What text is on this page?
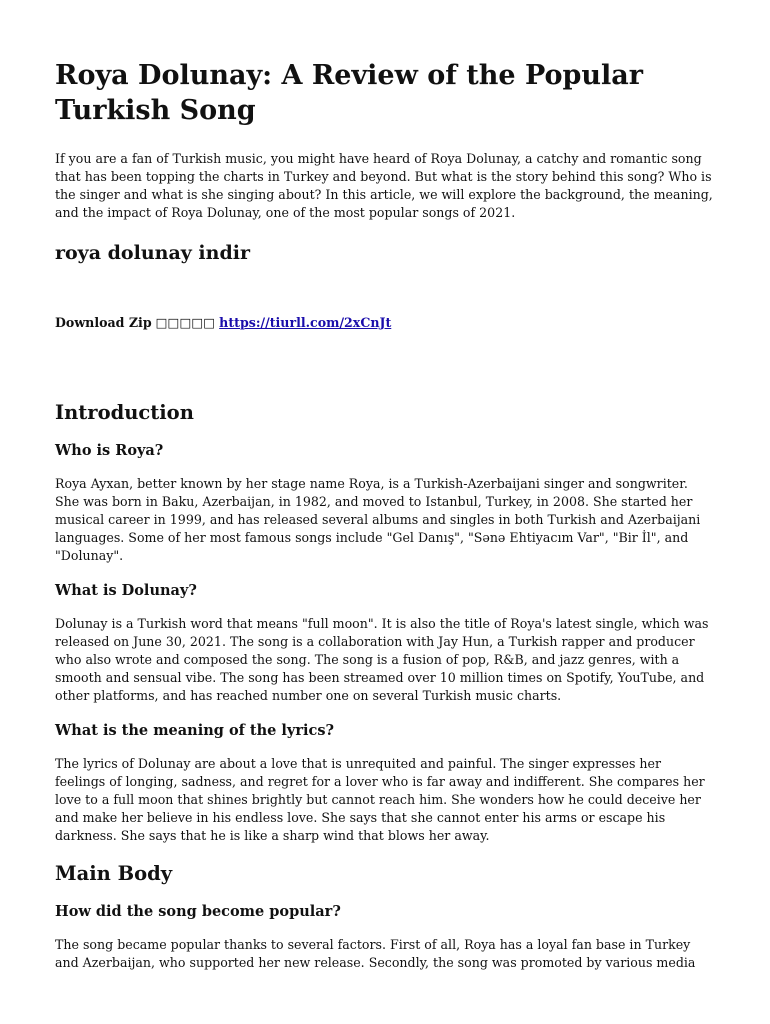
Roya Dolunay: A Review of the Popular Turkish Song

If you are a fan of Turkish music, you might have heard of Roya Dolunay, a catchy and romantic song that has been topping the charts in Turkey and beyond. But what is the story behind this song? Who is the singer and what is she singing about? In this article, we will explore the background, the meaning, and the impact of Roya Dolunay, one of the most popular songs of 2021.

roya dolunay indir
Download Zip □□□□□ https://tiurll.com/2xCnJt
Introduction
Who is Roya?

Roya Ayxan, better known by her stage name Roya, is a Turkish-Azerbaijani singer and songwriter. She was born in Baku, Azerbaijan, in 1982, and moved to Istanbul, Turkey, in 2008. She started her musical career in 1999, and has released several albums and singles in both Turkish and Azerbaijani languages. Some of her most famous songs include "Gel Danış", "Sənə Ehtiyacım Var", "Bir İl", and "Dolunay".

What is Dolunay?

Dolunay is a Turkish word that means "full moon". It is also the title of Roya's latest single, which was released on June 30, 2021. The song is a collaboration with Jay Hun, a Turkish rapper and producer who also wrote and composed the song. The song is a fusion of pop, R&B, and jazz genres, with a smooth and sensual vibe. The song has been streamed over 10 million times on Spotify, YouTube, and other platforms, and has reached number one on several Turkish music charts.

What is the meaning of the lyrics?

The lyrics of Dolunay are about a love that is unrequited and painful. The singer expresses her feelings of longing, sadness, and regret for a lover who is far away and indifferent. She compares her love to a full moon that shines brightly but cannot reach him. She wonders how he could deceive her and make her believe in his endless love. She says that she cannot enter his arms or escape his darkness. She says that he is like a sharp wind that blows her away.

Main Body
How did the song become popular?

The song became popular thanks to several factors. First of all, Roya has a loyal fan base in Turkey and Azerbaijan, who supported her new release. Secondly, the song was promoted by various media
